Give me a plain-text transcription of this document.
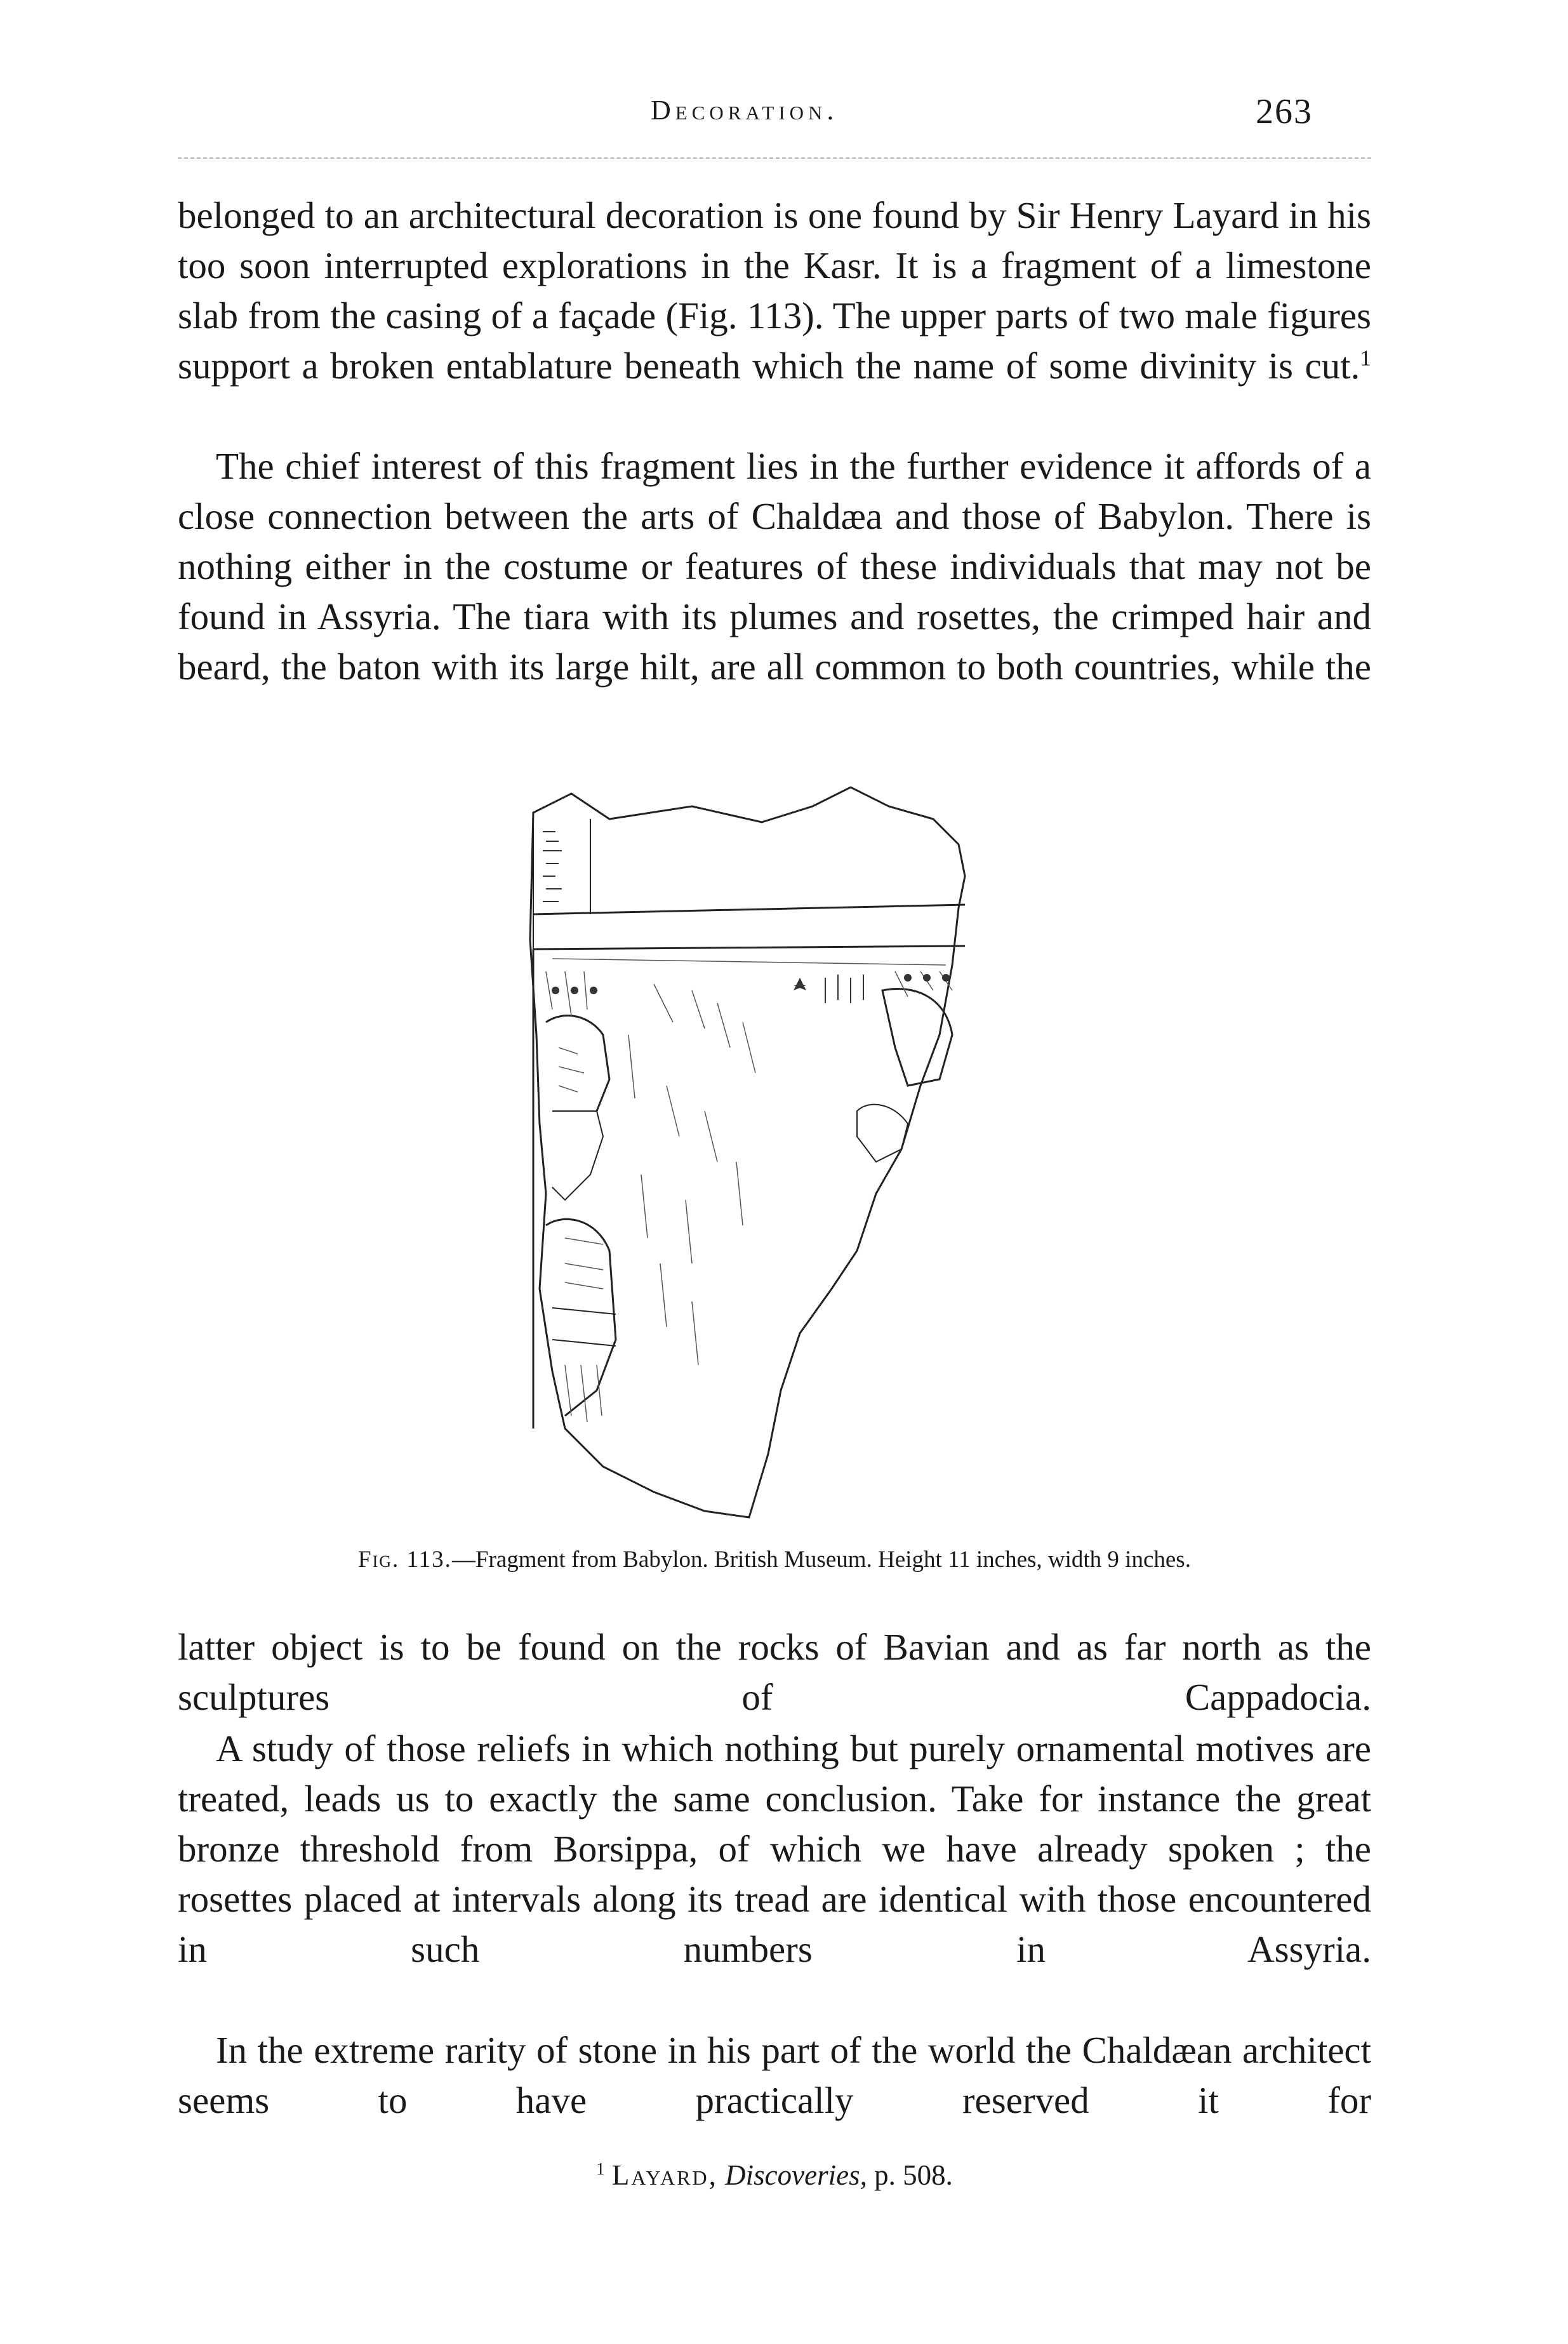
Decoration.	263

belonged to an architectural decoration is one found by Sir Henry Layard in his too soon interrupted explorations in the Kasr. It is a fragment of a limestone slab from the casing of a façade (Fig. 113). The upper parts of two male figures support a broken entablature beneath which the name of some divinity is cut.$^1$

The chief interest of this fragment lies in the further evidence it affords of a close connection between the arts of Chaldæa and those of Babylon. There is nothing either in the costume or features of these individuals that may not be found in Assyria. The tiara with its plumes and rosettes, the crimped hair and beard, the baton with its large hilt, are all common to both countries, while the

Fig. 113.—Fragment from Babylon. British Museum. Height 11 inches, width 9 inches.

latter object is to be found on the rocks of Bavian and as far north as the sculptures of Cappadocia.

A study of those reliefs in which nothing but purely ornamental motives are treated, leads us to exactly the same conclusion. Take for instance the great bronze threshold from Borsippa, of which we have already spoken ; the rosettes placed at intervals along its tread are identical with those encountered in such numbers in Assyria.

In the extreme rarity of stone in his part of the world the Chaldæan architect seems to have practically reserved it for

$^1$ Layard, Discoveries, p. 508.
